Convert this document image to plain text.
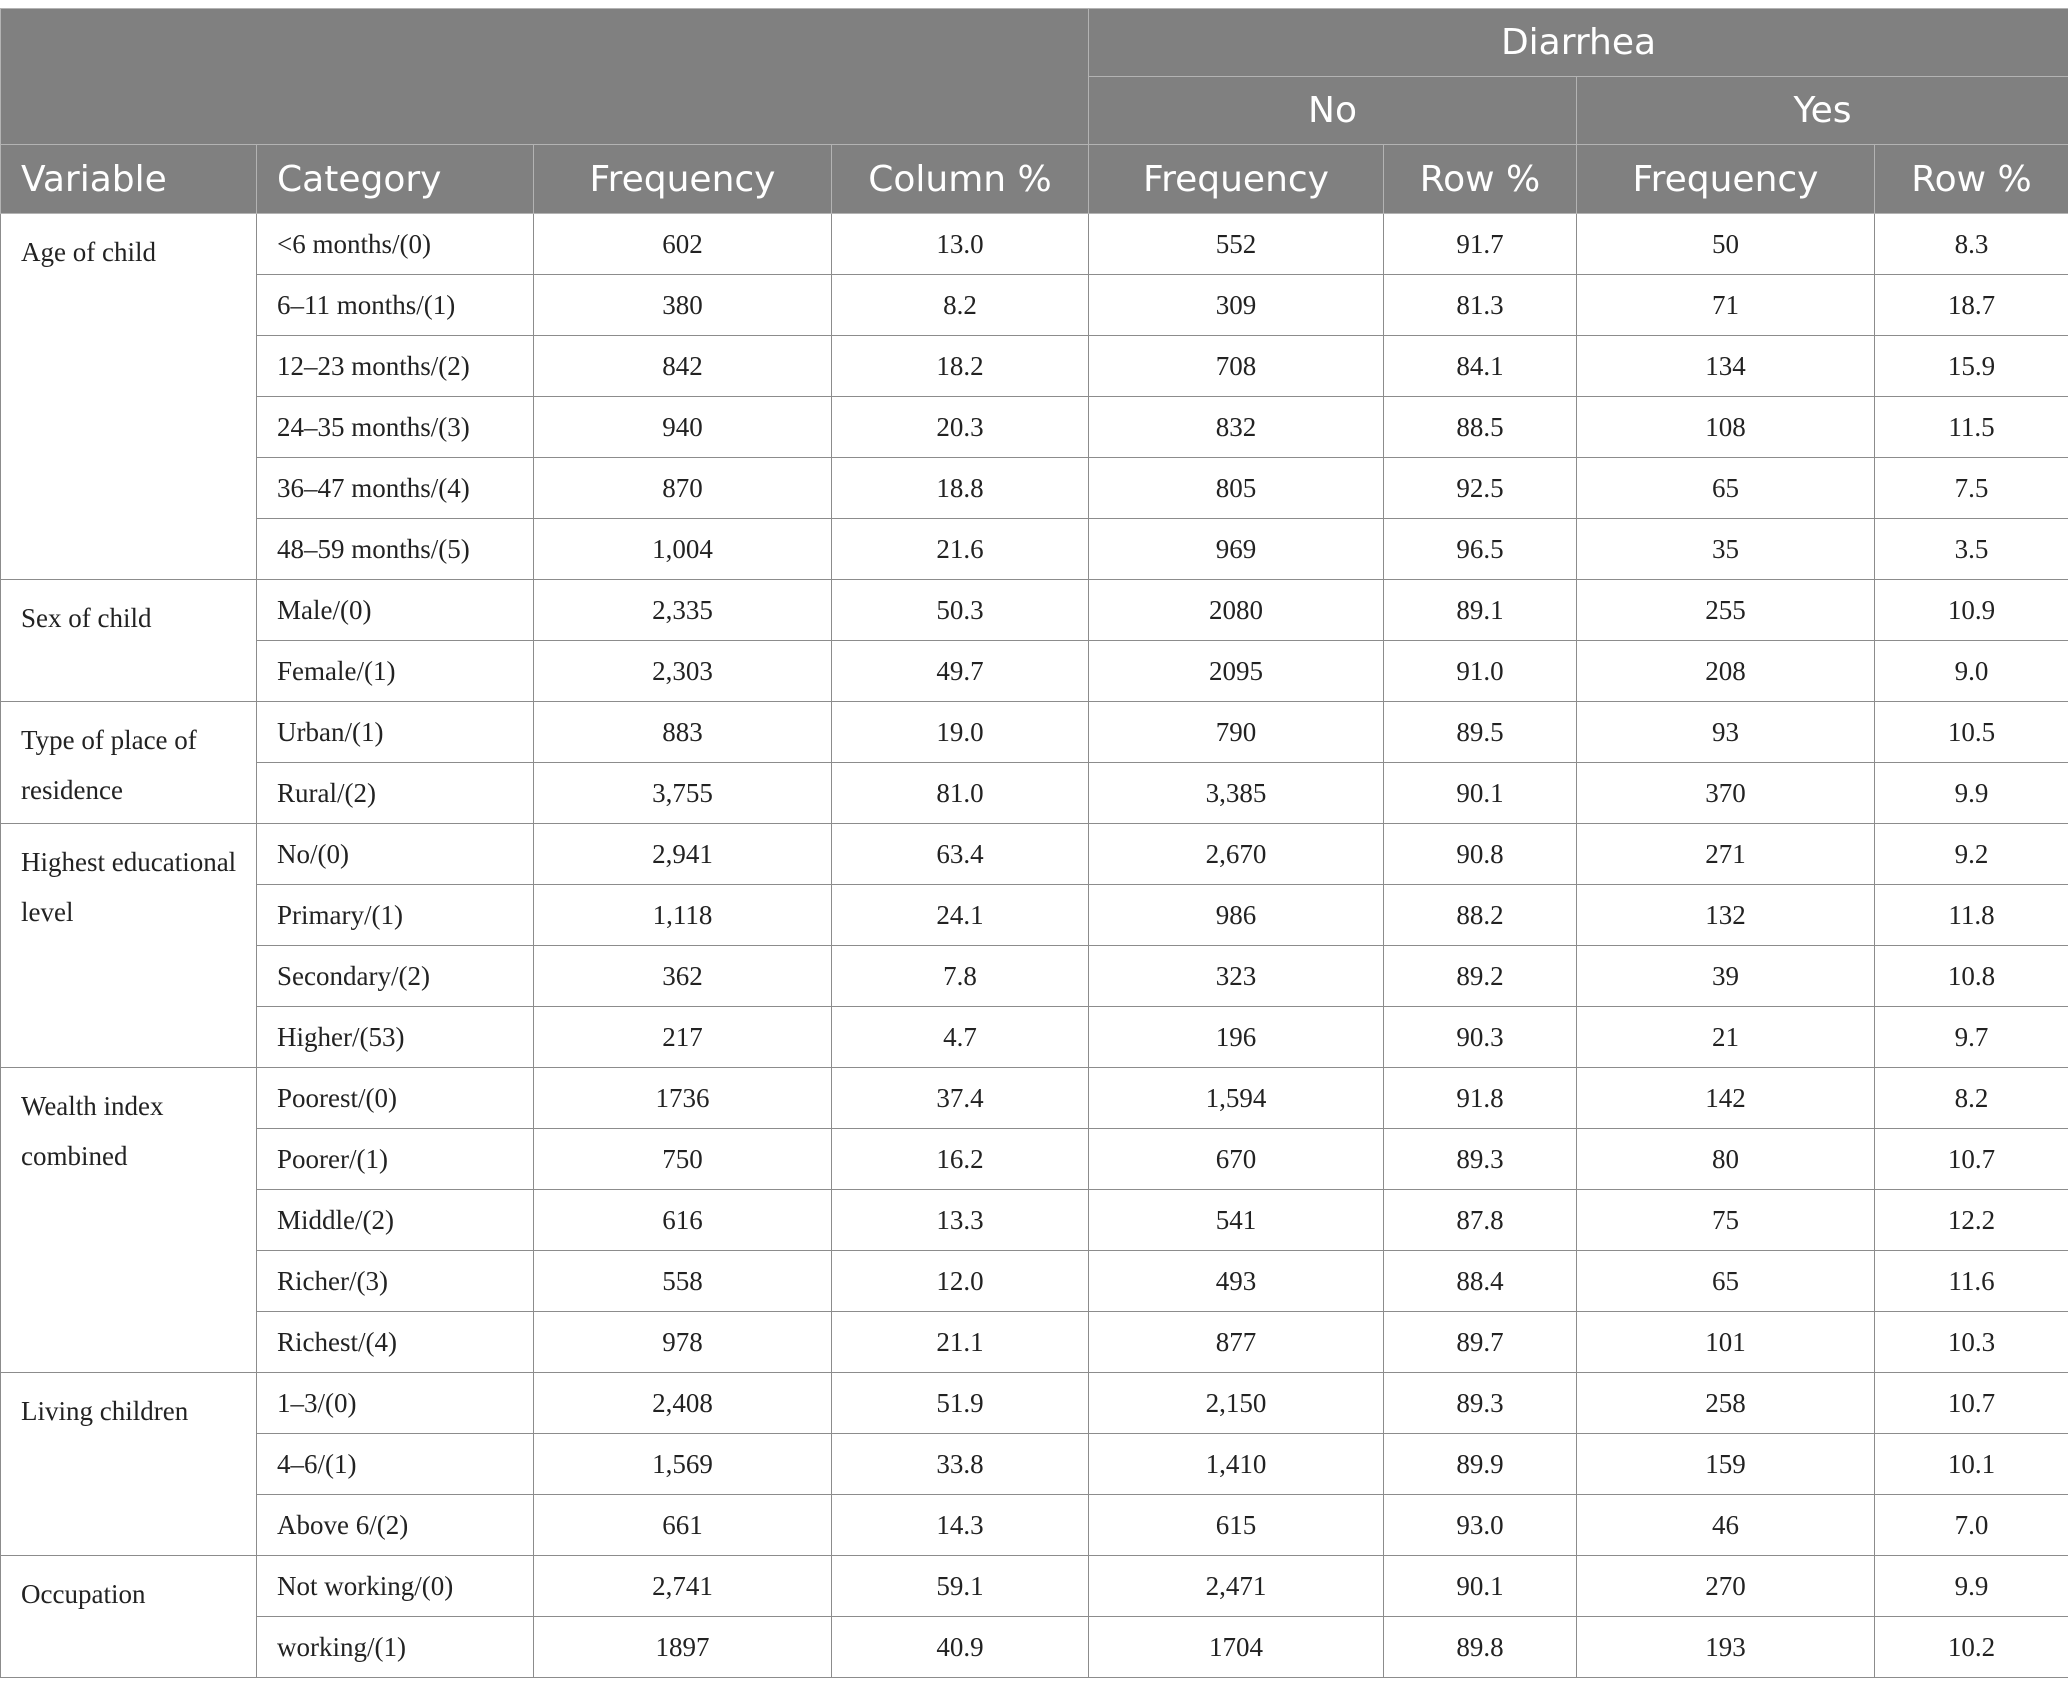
				Diarrhea			
				No		Yes	
Variable	Category	Frequency	Column %	Frequency	Row %	Frequency	Row %
Age of child	<6 months/(0)	602	13.0	552	91.7	50	8.3
	6–11 months/(1)	380	8.2	309	81.3	71	18.7
	12–23 months/(2)	842	18.2	708	84.1	134	15.9
	24–35 months/(3)	940	20.3	832	88.5	108	11.5
	36–47 months/(4)	870	18.8	805	92.5	65	7.5
	48–59 months/(5)	1,004	21.6	969	96.5	35	3.5
Sex of child	Male/(0)	2,335	50.3	2080	89.1	255	10.9
	Female/(1)	2,303	49.7	2095	91.0	208	9.0
Type of place of residence	Urban/(1)	883	19.0	790	89.5	93	10.5
	Rural/(2)	3,755	81.0	3,385	90.1	370	9.9
Highest educational level	No/(0)	2,941	63.4	2,670	90.8	271	9.2
	Primary/(1)	1,118	24.1	986	88.2	132	11.8
	Secondary/(2)	362	7.8	323	89.2	39	10.8
	Higher/(53)	217	4.7	196	90.3	21	9.7
Wealth index combined	Poorest/(0)	1736	37.4	1,594	91.8	142	8.2
	Poorer/(1)	750	16.2	670	89.3	80	10.7
	Middle/(2)	616	13.3	541	87.8	75	12.2
	Richer/(3)	558	12.0	493	88.4	65	11.6
	Richest/(4)	978	21.1	877	89.7	101	10.3
Living children	1–3/(0)	2,408	51.9	2,150	89.3	258	10.7
	4–6/(1)	1,569	33.8	1,410	89.9	159	10.1
	Above 6/(2)	661	14.3	615	93.0	46	7.0
Occupation	Not working/(0)	2,741	59.1	2,471	90.1	270	9.9
	working/(1)	1897	40.9	1704	89.8	193	10.2
